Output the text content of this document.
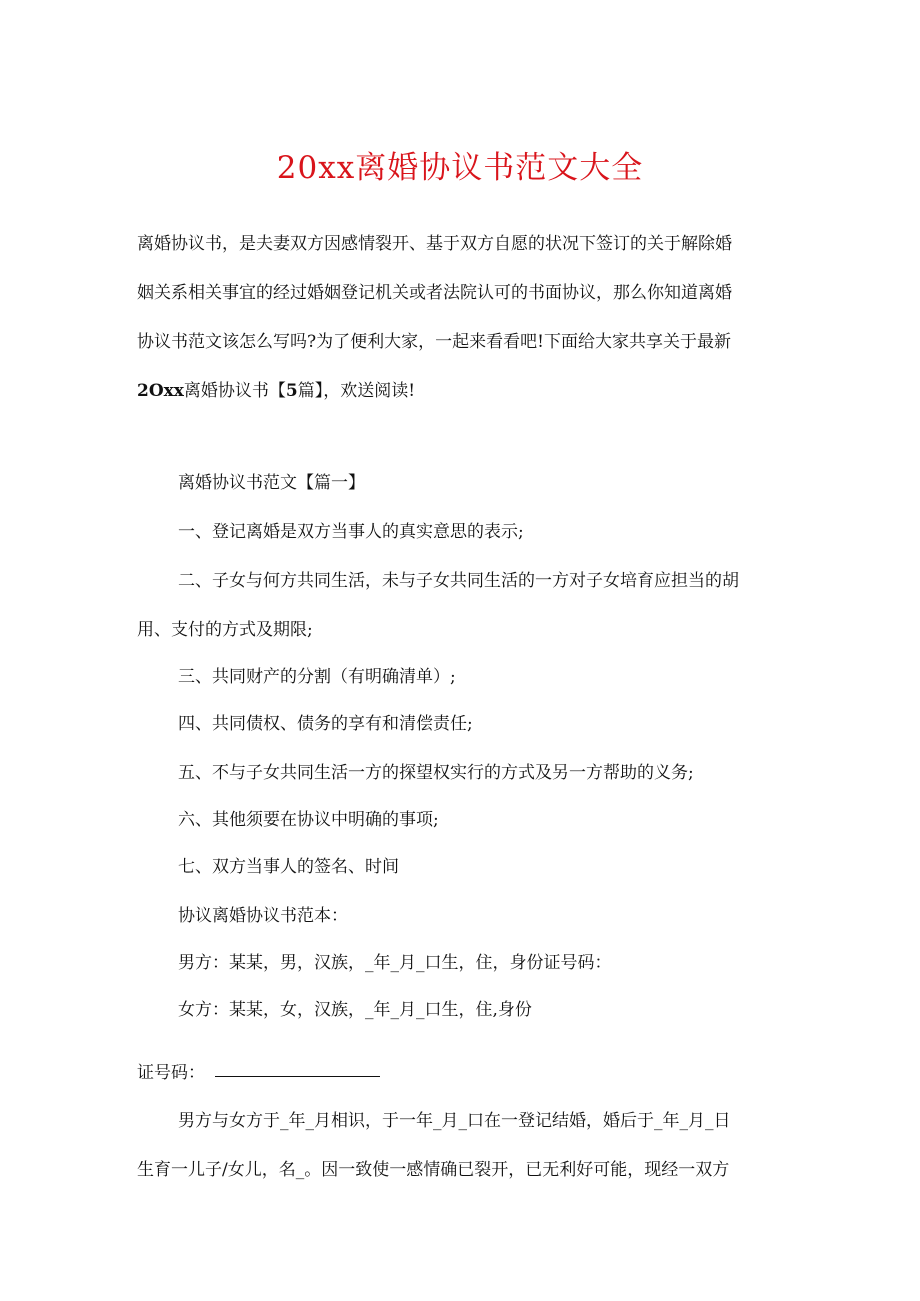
20xx离婚协议书范文大全

离婚协议书，是夫妻双方因感情裂开、基于双方自愿的状况下签订的关于解除婚

姻关系相关事宜的经过婚姻登记机关或者法院认可的书面协议，那么你知道离婚

协议书范文该怎么写吗?为了便利大家，一起来看看吧!下面给大家共享关于最新

2Oxx离婚协议书【5篇】，欢送阅读!

离婚协议书范文【篇一】

一、登记离婚是双方当事人的真实意思的表示;

二、子女与何方共同生活，未与子女共同生活的一方对子女培育应担当的胡

用、支付的方式及期限;

三、共同财产的分割（有明确清单）;

四、共同债权、债务的享有和清偿责任;

五、不与子女共同生活一方的探望权实行的方式及另一方帮助的义务;

六、其他须要在协议中明确的事项;

七、双方当事人的签名、时间

协议离婚协议书范本：

男方：某某，男，汉族，_年_月_口生，住，身份证号码：

女方：某某，女，汉族，_年_月_口生，住,身份

证号码：

男方与女方于_年_月相识，于一年_月_口在一登记结婚，婚后于_年_月_日

生育一儿子/女儿，名_。因一致使一感情确已裂开，已无利好可能，现经一双方
